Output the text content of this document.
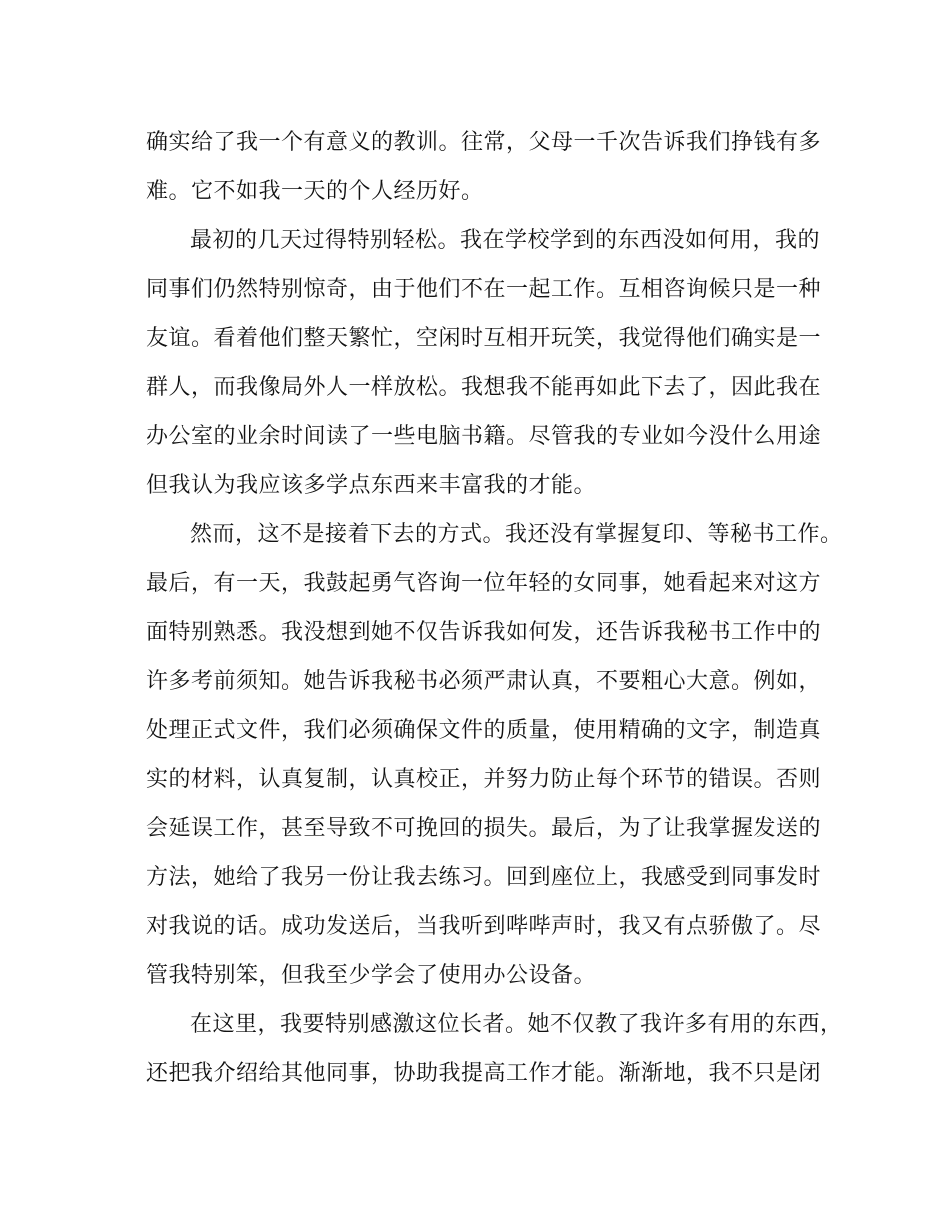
确实给了我一个有意义的教训。往常，父母一千次告诉我们挣钱有多
难。它不如我一天的个人经历好。
最初的几天过得特别轻松。我在学校学到的东西没如何用，我的
同事们仍然特别惊奇，由于他们不在一起工作。互相咨询候只是一种
友谊。看着他们整天繁忙，空闲时互相开玩笑，我觉得他们确实是一
群人，而我像局外人一样放松。我想我不能再如此下去了，因此我在
办公室的业余时间读了一些电脑书籍。尽管我的专业如今没什么用途
但我认为我应该多学点东西来丰富我的才能。
然而，这不是接着下去的方式。我还没有掌握复印、等秘书工作。
最后，有一天，我鼓起勇气咨询一位年轻的女同事，她看起来对这方
面特别熟悉。我没想到她不仅告诉我如何发，还告诉我秘书工作中的
许多考前须知。她告诉我秘书必须严肃认真，不要粗心大意。例如，
处理正式文件，我们必须确保文件的质量，使用精确的文字，制造真
实的材料，认真复制，认真校正，并努力防止每个环节的错误。否则
会延误工作，甚至导致不可挽回的损失。最后，为了让我掌握发送的
方法，她给了我另一份让我去练习。回到座位上，我感受到同事发时
对我说的话。成功发送后，当我听到哔哔声时，我又有点骄傲了。尽
管我特别笨，但我至少学会了使用办公设备。
在这里，我要特别感激这位长者。她不仅教了我许多有用的东西，
还把我介绍给其他同事，协助我提高工作才能。渐渐地，我不只是闭
